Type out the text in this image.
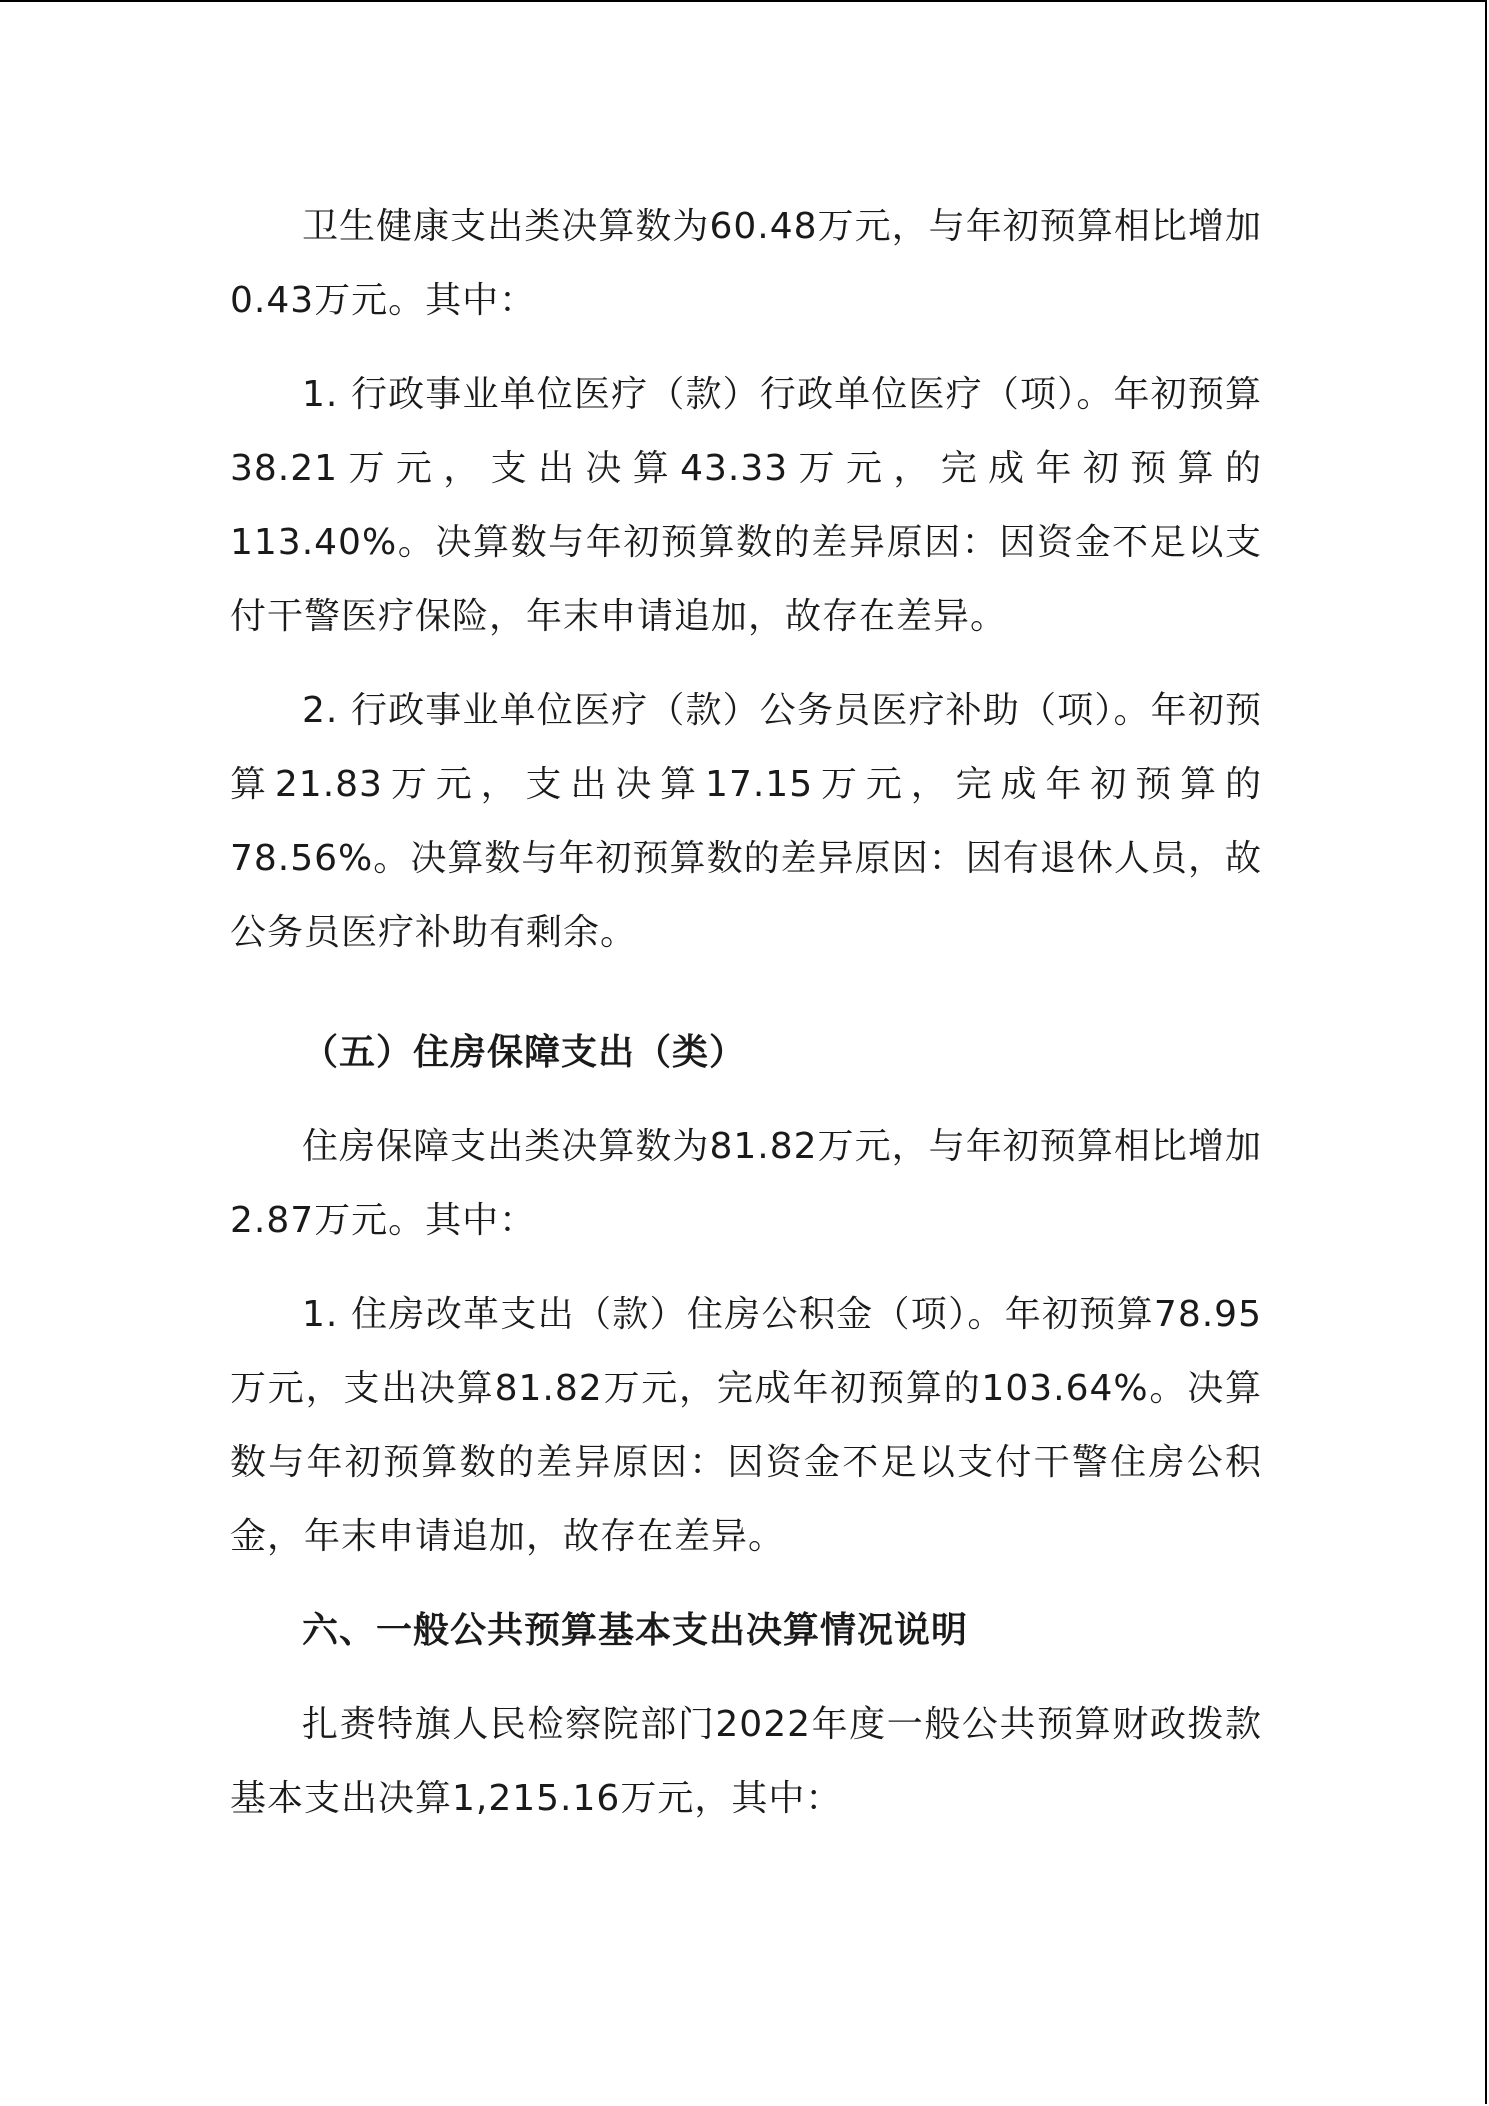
卫生健康支出类决算数为60.48万元，与年初预算相比增加0.43万元。其中：

1. 行政事业单位医疗（款）行政单位医疗（项）。年初预算38.21万元，支出决算43.33万元，完成年初预算的113.40%。决算数与年初预算数的差异原因：因资金不足以支付干警医疗保险，年末申请追加，故存在差异。

2. 行政事业单位医疗（款）公务员医疗补助（项）。年初预算21.83万元，支出决算17.15万元，完成年初预算的78.56%。决算数与年初预算数的差异原因：因有退休人员，故公务员医疗补助有剩余。

（五）住房保障支出（类）

住房保障支出类决算数为81.82万元，与年初预算相比增加2.87万元。其中：

1. 住房改革支出（款）住房公积金（项）。年初预算78.95万元，支出决算81.82万元，完成年初预算的103.64%。决算数与年初预算数的差异原因：因资金不足以支付干警住房公积金，年末申请追加，故存在差异。

六、一般公共预算基本支出决算情况说明

扎赉特旗人民检察院部门2022年度一般公共预算财政拨款基本支出决算1,215.16万元，其中：
